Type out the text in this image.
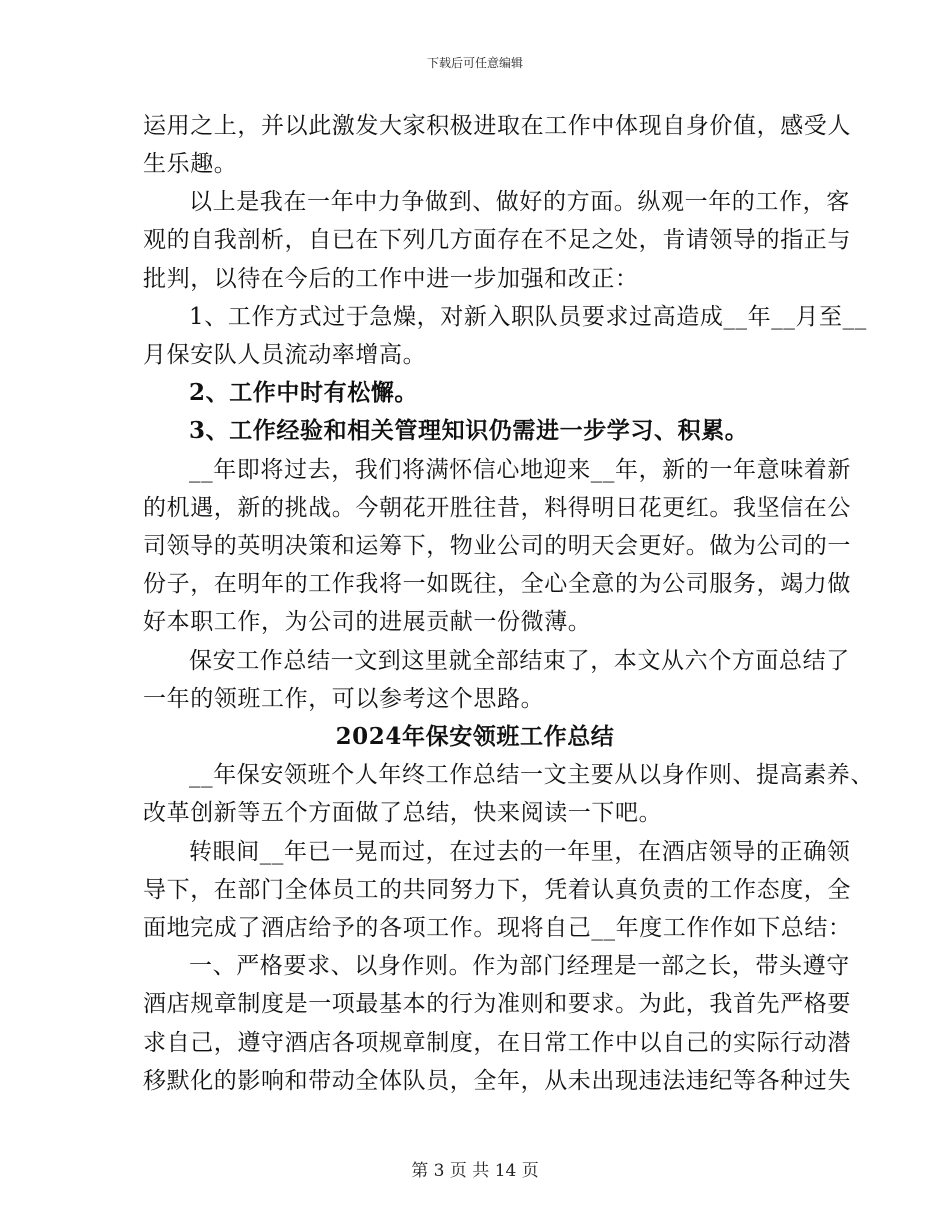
下载后可任意编辑
运用之上，并以此激发大家积极进取在工作中体现自身价值，感受人
生乐趣。
以上是我在一年中力争做到、做好的方面。纵观一年的工作，客
观的自我剖析，自已在下列几方面存在不足之处，肯请领导的指正与
批判，以待在今后的工作中进一步加强和改正：
1、工作方式过于急燥，对新入职队员要求过高造成__年__月至__
月保安队人员流动率增高。
2、工作中时有松懈。
3、工作经验和相关管理知识仍需进一步学习、积累。
__年即将过去，我们将满怀信心地迎来__年，新的一年意味着新
的机遇，新的挑战。今朝花开胜往昔，料得明日花更红。我坚信在公
司领导的英明决策和运筹下，物业公司的明天会更好。做为公司的一
份子，在明年的工作我将一如既往，全心全意的为公司服务，竭力做
好本职工作，为公司的进展贡献一份微薄。
保安工作总结一文到这里就全部结束了，本文从六个方面总结了
一年的领班工作，可以参考这个思路。
2024年保安领班工作总结
__年保安领班个人年终工作总结一文主要从以身作则、提高素养、
改革创新等五个方面做了总结，快来阅读一下吧。
转眼间__年已一晃而过，在过去的一年里，在酒店领导的正确领
导下，在部门全体员工的共同努力下，凭着认真负责的工作态度，全
面地完成了酒店给予的各项工作。现将自己__年度工作作如下总结：
一、严格要求、以身作则。作为部门经理是一部之长，带头遵守
酒店规章制度是一项最基本的行为准则和要求。为此，我首先严格要
求自己，遵守酒店各项规章制度，在日常工作中以自己的实际行动潜
移默化的影响和带动全体队员，全年，从未出现违法违纪等各种过失
第 3 页 共 14 页
